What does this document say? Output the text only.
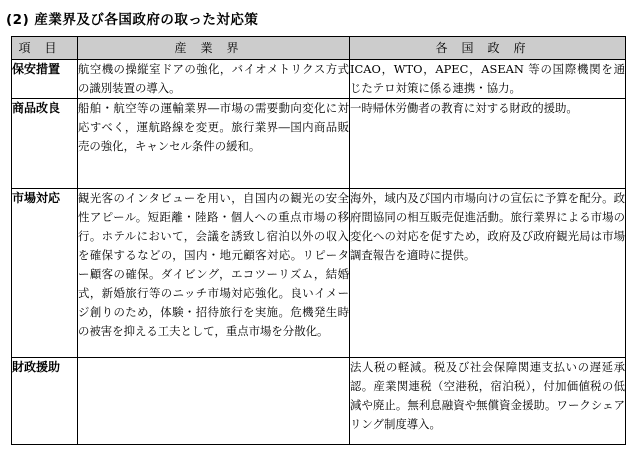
(2) 産業界及び各国政府の取った対応策
項目	産業界	各国政府
保安措置	航空機の操縦室ドアの強化，バイオメトリクス方式の識別装置の導入。	ICAO，WTO，APEC，ASEAN 等の国際機関を通じたテロ対策に係る連携・協力。
商品改良	船舶・航空等の運輸業界―市場の需要動向変化に対応すべく，運航路線を変更。旅行業界―国内商品販売の強化，キャンセル条件の緩和。	一時帰休労働者の教育に対する財政的援助。
市場対応	観光客のインタビューを用い，自国内の観光の安全性アピール。短距離・陸路・個人への重点市場の移行。ホテルにおいて，会議を誘致し宿泊以外の収入を確保するなどの，国内・地元顧客対応。リピーター顧客の確保。ダイビング，エコツーリズム，結婚式，新婚旅行等のニッチ市場対応強化。良いイメージ創りのため，体験・招待旅行を実施。危機発生時の被害を抑える工夫として，重点市場を分散化。	海外，域内及び国内市場向けの宣伝に予算を配分。政府間協同の相互販売促進活動。旅行業界による市場の変化への対応を促すため，政府及び政府観光局は市場調査報告を適時に提供。
財政援助		法人税の軽減。税及び社会保障関連支払いの遅延承認。産業関連税（空港税，宿泊税），付加価値税の低減や廃止。無利息融資や無償資金援助。ワークシェアリング制度導入。
